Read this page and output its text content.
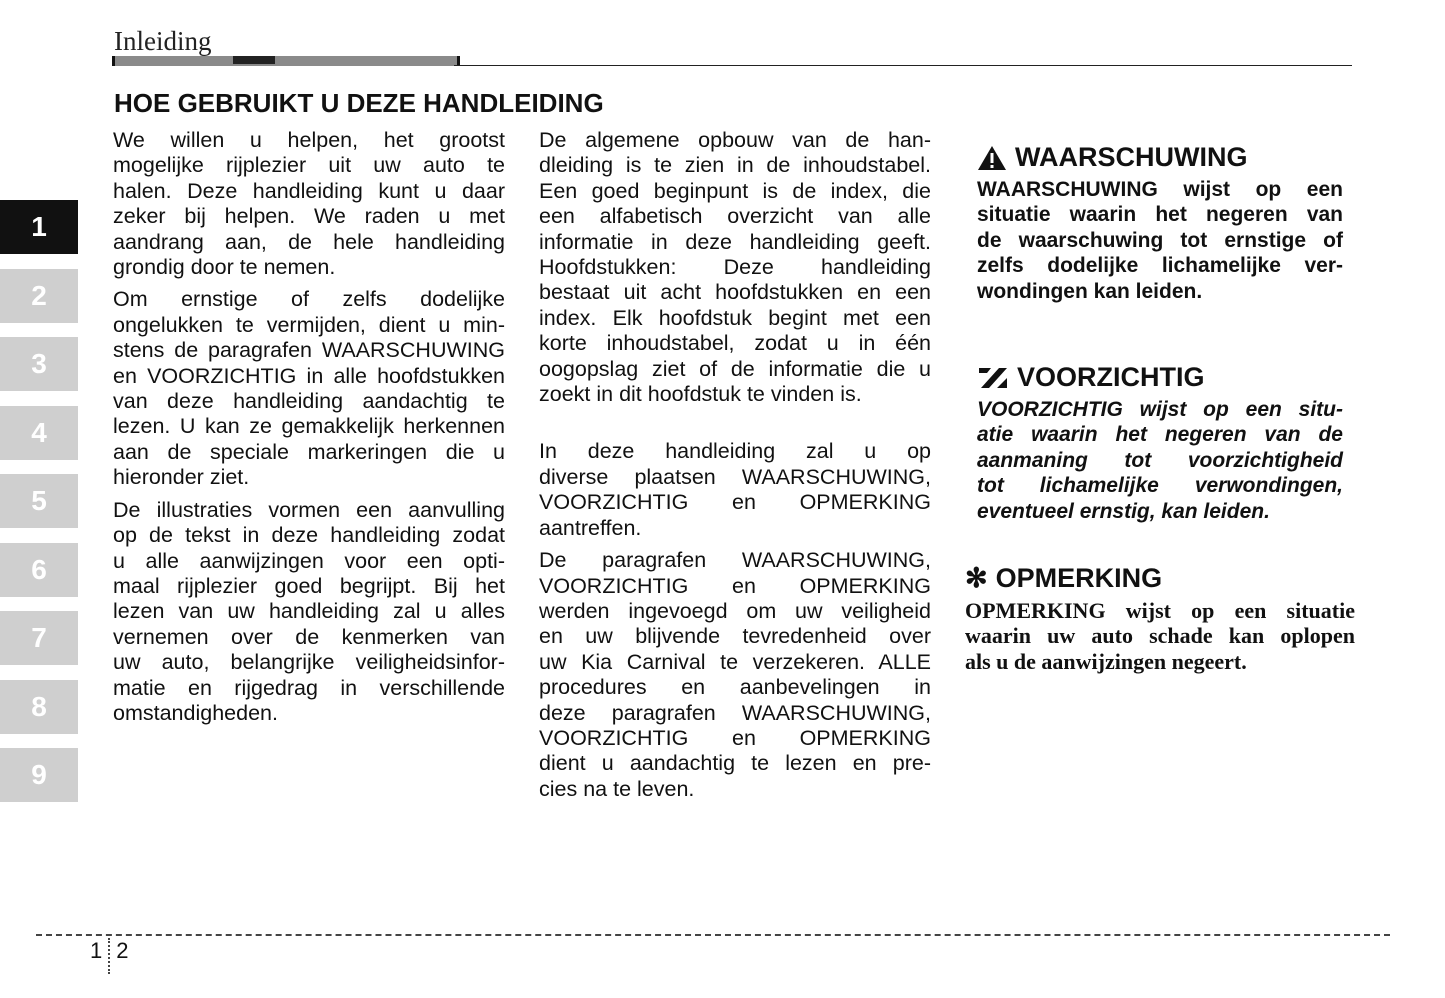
Inleiding
HOE GEBRUIKT U DEZE HANDLEIDING
1
2
3
4
5
6
7
8
9
We willen u helpen, het grootst
mogelijke rijplezier uit uw auto te
halen. Deze handleiding kunt u daar
zeker bij helpen. We raden u met
aandrang aan, de hele handleiding
grondig door te nemen.
Om ernstige of zelfs dodelijke
ongelukken te vermijden, dient u min-
stens de paragrafen WAARSCHUWING
en VOORZICHTIG in alle hoofdstukken
van deze handleiding aandachtig te
lezen. U kan ze gemakkelijk herkennen
aan de speciale markeringen die u
hieronder ziet.
De illustraties vormen een aanvulling
op de tekst in deze handleiding zodat
u alle aanwijzingen voor een opti-
maal rijplezier goed begrijpt. Bij het
lezen van uw handleiding zal u alles
vernemen over de kenmerken van
uw auto, belangrijke veiligheidsinfor-
matie en rijgedrag in verschillende
omstandigheden.
De algemene opbouw van de han-
dleiding is te zien in de inhoudstabel.
Een goed beginpunt is de index, die
een alfabetisch overzicht van alle
informatie in deze handleiding geeft.
Hoofdstukken: Deze handleiding
bestaat uit acht hoofdstukken en een
index. Elk hoofdstuk begint met een
korte inhoudstabel, zodat u in één
oogopslag ziet of de informatie die u
zoekt in dit hoofdstuk te vinden is.
In deze handleiding zal u op
diverse plaatsen WAARSCHUWING,
VOORZICHTIG en OPMERKING
aantreffen.
De paragrafen WAARSCHUWING,
VOORZICHTIG en OPMERKING
werden ingevoegd om uw veiligheid
en uw blijvende tevredenheid over
uw Kia Carnival te verzekeren. ALLE
procedures en aanbevelingen in
deze paragrafen WAARSCHUWING,
VOORZICHTIG en OPMERKING
dient u aandachtig te lezen en pre-
cies na te leven.
WAARSCHUWING
WAARSCHUWING wijst op een
situatie waarin het negeren van
de waarschuwing tot ernstige of
zelfs dodelijke lichamelijke ver-
wondingen kan leiden.
VOORZICHTIG
VOORZICHTIG wijst op een situ-
atie waarin het negeren van de
aanmaning tot voorzichtigheid
tot lichamelijke verwondingen,
eventueel ernstig, kan leiden.
✻ OPMERKING
OPMERKING wijst op een situatie
waarin uw auto schade kan oplopen
als u de aanwijzingen negeert.
1 2
